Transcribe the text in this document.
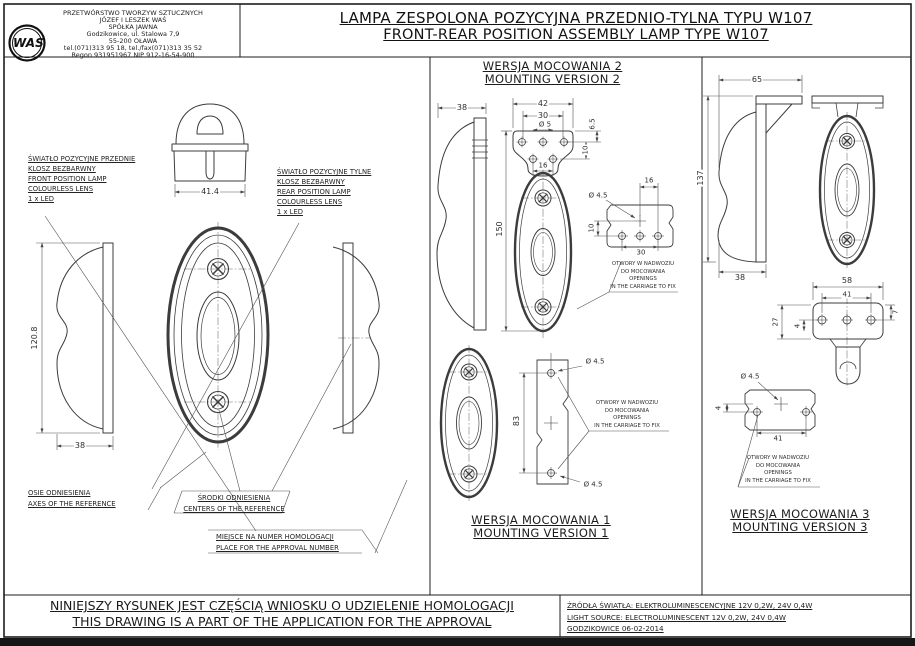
WAS
PRZETWÓRSTWO TWORZYW SZTUCZNYCH
JÓZEF I LESZEK WAŚ
SPÓŁKA JAWNA
Godzikowice, ul. Stalowa 7,9
55-200 OŁAWA
tel.(071)313 95 18, tel./fax(071)313 35 52
Regon 931951967 NIP 912-16-54-900
LAMPA ZESPOLONA POZYCYJNA PRZEDNIO-TYLNA TYPU W107
FRONT-REAR POSITION ASSEMBLY LAMP TYPE W107
ŚWIATŁO POZYCYJNE PRZEDNIE
KLOSZ BEZBARWNY
FRONT POSITION LAMP
COLOURLESS LENS
1 x LED
ŚWIATŁO POZYCYJNE TYLNE
KLOSZ BEZBARWNY
REAR POSITION LAMP
COLOURLESS LENS
1 x LED
OSIE ODNIESIENIA
AXES OF THE REFERENCE
ŚRODKI ODNIESIENIA
CENTERS OF THE REFERENCE
MIEJSCE NA NUMER HOMOLOGACJI
PLACE FOR THE APPROVAL NUMBER
WERSJA MOCOWANIA 2
MOUNTING VERSION 2
WERSJA MOCOWANIA 1
MOUNTING VERSION 1
WERSJA MOCOWANIA 3
MOUNTING VERSION 3
OTWORY W NADWOZIU
DO MOCOWANIA
OPENINGS
IN THE CARRIAGE TO FIX
OTWORY W NADWOZIU
DO MOCOWANIA
OPENINGS
IN THE CARRIAGE TO FIX
OTWORY W NADWOZIU
DO MOCOWANIA
OPENINGS
IN THE CARRIAGE TO FIX
41.4
120.8
38
38	42
30
Ø 5	6.5
10
16
150
Ø 4.5
16
10
30
Ø 4.5
83
Ø 4.5
65
137
38	58
41
27 4
7
Ø 4.5
4
41
NINIEJSZY RYSUNEK JEST CZĘŚCIĄ WNIOSKU O UDZIELENIE HOMOLOGACJI
THIS DRAWING IS A PART OF THE APPLICATION FOR THE APPROVAL
ŹRÓDŁA ŚWIATŁA: ELEKTROLUMINESCENCYJNE 12V 0,2W, 24V 0,4W
LIGHT SOURCE: ELECTROLUMINESCENT 12V 0,2W, 24V 0,4W
GODZIKOWICE 06-02-2014
